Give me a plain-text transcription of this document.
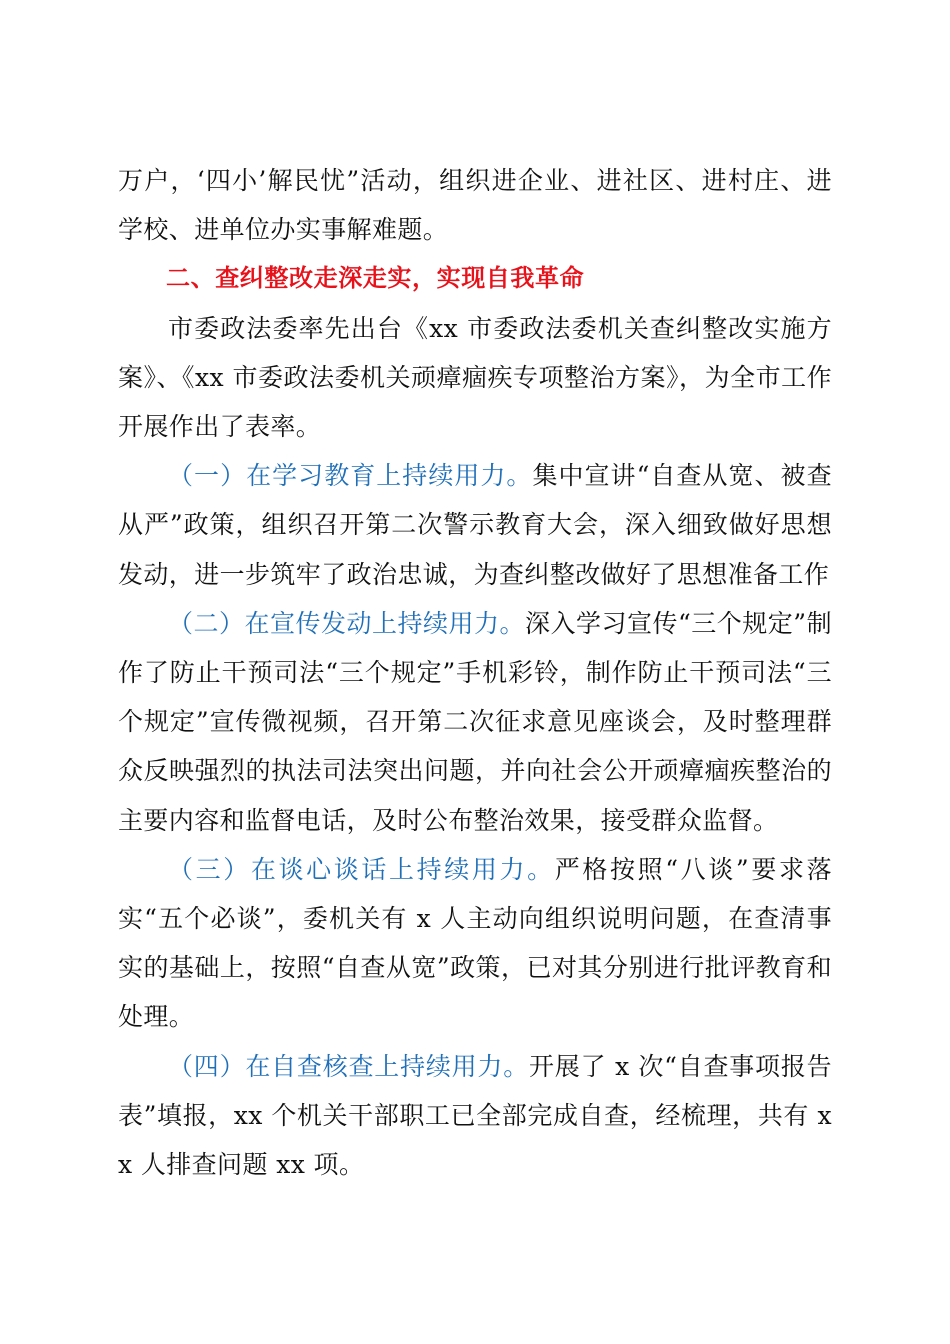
万户，‘四小’解民忧”活动，组织进企业、进社区、进村庄、进学校、进单位办实事解难题。

二、查纠整改走深走实，实现自我革命

市委政法委率先出台《xx 市委政法委机关查纠整改实施方案》、《xx 市委政法委机关顽瘴痼疾专项整治方案》，为全市工作开展作出了表率。

（一）在学习教育上持续用力。集中宣讲“自查从宽、被查从严”政策，组织召开第二次警示教育大会，深入细致做好思想发动，进一步筑牢了政治忠诚，为查纠整改做好了思想准备工作

（二）在宣传发动上持续用力。深入学习宣传“三个规定”制作了防止干预司法“三个规定”手机彩铃，制作防止干预司法“三个规定”宣传微视频，召开第二次征求意见座谈会，及时整理群众反映强烈的执法司法突出问题，并向社会公开顽瘴痼疾整治的主要内容和监督电话，及时公布整治效果，接受群众监督。

（三）在谈心谈话上持续用力。严格按照“八谈”要求落实“五个必谈”，委机关有 x 人主动向组织说明问题，在查清事实的基础上，按照“自查从宽”政策，已对其分别进行批评教育和处理。

（四）在自查核查上持续用力。开展了 x 次“自查事项报告表”填报，xx 个机关干部职工已全部完成自查，经梳理，共有 xx 人排查问题 xx 项。
